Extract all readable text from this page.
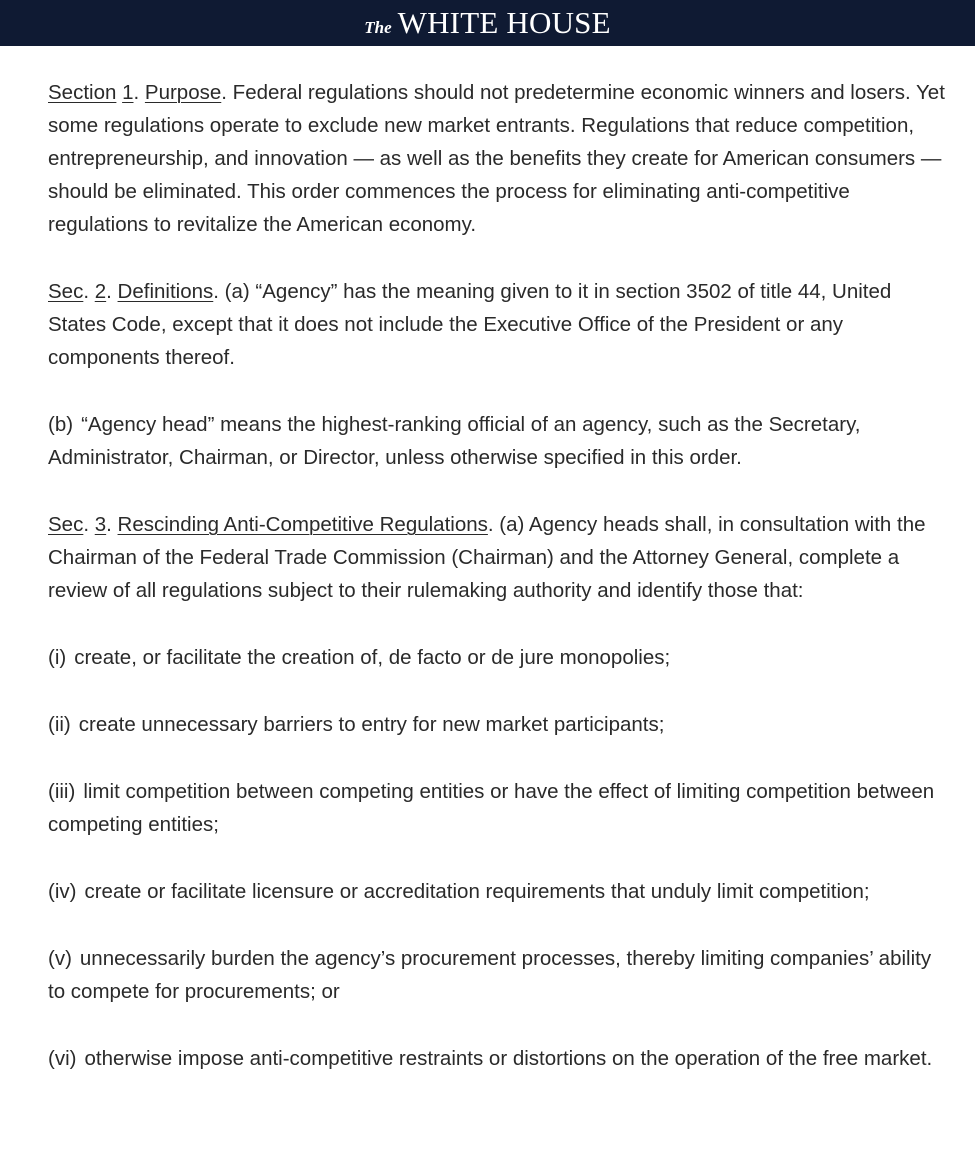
The WHITE HOUSE

Section 1. Purpose. Federal regulations should not predetermine economic winners and losers. Yet some regulations operate to exclude new market entrants. Regulations that reduce competition, entrepreneurship, and innovation — as well as the benefits they create for American consumers — should be eliminated. This order commences the process for eliminating anti-competitive regulations to revitalize the American economy.

Sec. 2. Definitions. (a) “Agency” has the meaning given to it in section 3502 of title 44, United States Code, except that it does not include the Executive Office of the President or any components thereof.

(b) “Agency head” means the highest-ranking official of an agency, such as the Secretary, Administrator, Chairman, or Director, unless otherwise specified in this order.

Sec. 3. Rescinding Anti-Competitive Regulations. (a) Agency heads shall, in consultation with the Chairman of the Federal Trade Commission (Chairman) and the Attorney General, complete a review of all regulations subject to their rulemaking authority and identify those that:

(i) create, or facilitate the creation of, de facto or de jure monopolies;

(ii) create unnecessary barriers to entry for new market participants;

(iii) limit competition between competing entities or have the effect of limiting competition between competing entities;

(iv) create or facilitate licensure or accreditation requirements that unduly limit competition;

(v) unnecessarily burden the agency’s procurement processes, thereby limiting companies’ ability to compete for procurements; or

(vi) otherwise impose anti-competitive restraints or distortions on the operation of the free market.
